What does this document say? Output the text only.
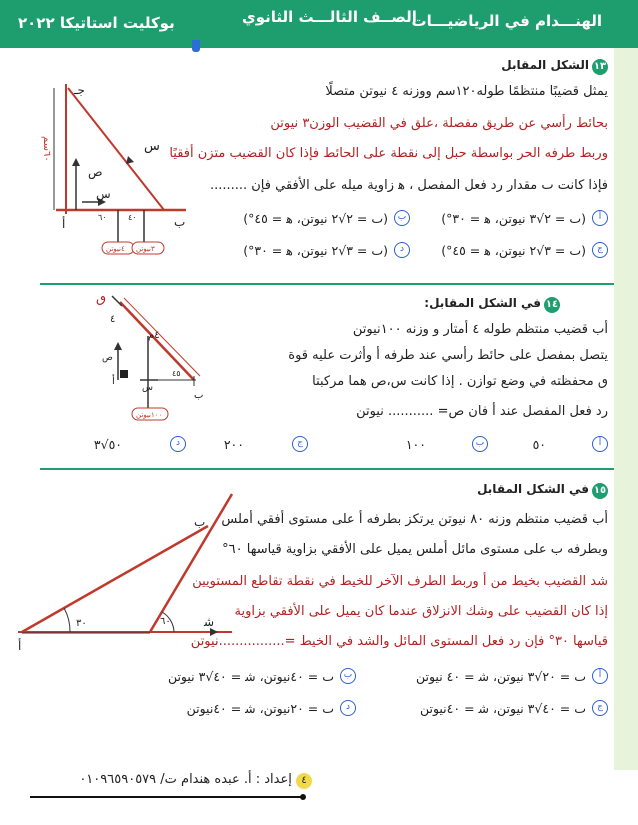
الهنـــدام في الرياضيـــات
الصــف الثالـــث الثانوي
بوكليت استاتيكا ٢٠٢٢
١٣الشكل المقابل
يمثل قضيبًا منتظمًا طوله١٢٠سم ووزنه ٤ نيوتن متصلًا
بحائط رأسي عن طريق مفصلة ،علق في القضيب الوزن٣ نيوتن
وربط طرفه الحر بواسطة حبل إلى نقطة على الحائط فإذا كان القضيب متزن أفقيًا
فإذا كانت ٮ مقدار رد فعل المفصل ، ﻫ زاوية ميله على الأفقي فإن .........
أ
(ٮ = ٢√٣ نيوتن، ﻫ = ٣٠°)
ب
(ٮ = ٢√٢ نيوتن، ﻫ = ٤٥°)
ج
(ٮ = ٣√٢ نيوتن، ﻫ = ٤٥°)
د
(ٮ = ٣√٢ نيوتن، ﻫ = ٣٠°)
جـ
٦٠سم
ص
س
س
أ	ب
٦٠	٤٠
٤نيوتن ٣نيوتن
١٤في الشكل المقابل:
أب قضيب منتظم طوله ٤ أمتار و وزنه ١٠٠نيوتن
يتصل بمفصل على حائط رأسي عند طرفه أ وأثرت عليه قوة
ٯ محفظته في وضع توازن . إذا كانت س،ص هما مركبتا
رد فعل المفصل عند أ فان ص= ........... نيوتن
أ
٥٠
ب
١٠٠
ج
٢٠٠
د
٥٠√٣
ٯ
٤م
٤
ص
س
أ
ب
٤٥
١٠٠نيوتن
١٥في الشكل المقابل
أب قضيب منتظم وزنه ٨٠ نيوتن يرتكز بطرفه أ على مستوى أفقي أملس
وبطرفه ب على مستوى مائل أملس يميل على الأفقي بزاوية قياسها ٦٠°
شد القضيب بخيط من أ وربط الطرف الآخر للخيط في نقطة تقاطع المستويين
إذا كان القضيب على وشك الانزلاق عندما كان يميل على الأفقي بزاوية
قياسها ٣٠° فإن رد فعل المستوى المائل والشد في الخيط =................نيوتن
أ
ٮ = ٢٠√٣ نيوتن، ﺷ = ٤٠ نيوتن
ب
ٮ = ٤٠نيوتن، ﺷ = ٤٠√٣ نيوتن
ج
ٮ = ٤٠√٣ نيوتن، ﺷ = ٤٠نيوتن
د
ٮ = ٢٠نيوتن، ﺷ = ٤٠نيوتن
ب
أ
٣٠	٦٠	ﺷ
٤ إعداد : أ. عبده هندام ت/ ٠١٠٩٦٥٩٠٥٧٩
